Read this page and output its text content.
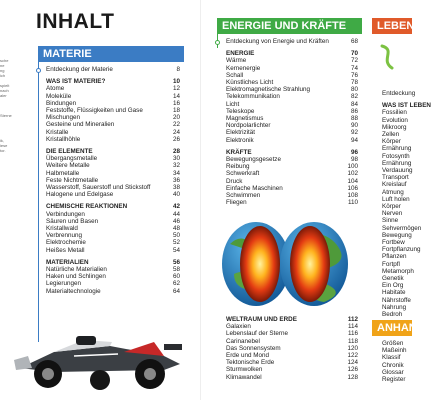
sche
ne
ng
ich

spielt
nach
aler

Sterne

ik,
iese
tor.
INHALT
MATERIE
Entdeckung der Materie	8
WAS IST MATERIE?	10
Atome	12
Moleküle	14
Bindungen	16
Feststoffe, Flüssigkeiten und Gase	18
Mischungen	20
Gesteine und Mineralien	22
Kristalle	24
Kristallhöhle	26
DIE ELEMENTE	28
Übergangsmetalle	30
Weitere Metalle	32
Halbmetalle	34
Feste Nichtmetalle	36
Wasserstoff, Sauerstoff und Stickstoff	38
Halogene und Edelgase	40
CHEMISCHE REAKTIONEN	42
Verbindungen	44
Säuren und Basen	46
Kristallwald	48
Verbrennung	50
Elektrochemie	52
Heißes Metall	54
MATERIALIEN	56
Natürliche Materialien	58
Haken und Schlingen	60
Legierungen	62
Materialtechnologie	64
ENERGIE UND KRÄFTE
Entdeckung von Energie und Kräften	68
ENERGIE	70
Wärme	72
Kernenergie	74
Schall	76
Künstliches Licht	78
Elektromagnetische Strahlung	80
Telekommunikation	82
Licht	84
Teleskope	86
Magnetismus	88
Nordpolarlichter	90
Elektrizität	92
Elektronik	94
KRÄFTE	96
Bewegungsgesetze	98
Reibung	100
Schwerkraft	102
Druck	104
Einfache Maschinen	106
Schwimmen	108
Fliegen	110
WELTRAUM UND ERDE	112
Galaxien	114
Lebenslauf der Sterne	116
Carinanebel	118
Das Sonnensystem	120
Erde und Mond	122
Tektonische Erde	124
Sturmwolken	126
Klimawandel	128
LEBEN
Entdeckung
WAS IST LEBEN
Fossilien
Evolution
Mikroorg
Zellen
Körper
Ernährung
Fotosynth
Ernährung
Verdauung
Transport
Kreislauf
Atmung
Luft holen
Körper
Nerven
Sinne
Sehvermögen
Bewegung
Fortbew
Fortpflanzung
Pflanzen
Fortpfl
Metamorph
Genetik
Ein Org
Habitate
Nährstoffe
Nahrung
Bedroh
ANHANG
Größen
Maßeinh
Klassif
Chronik
Glossar
Register
